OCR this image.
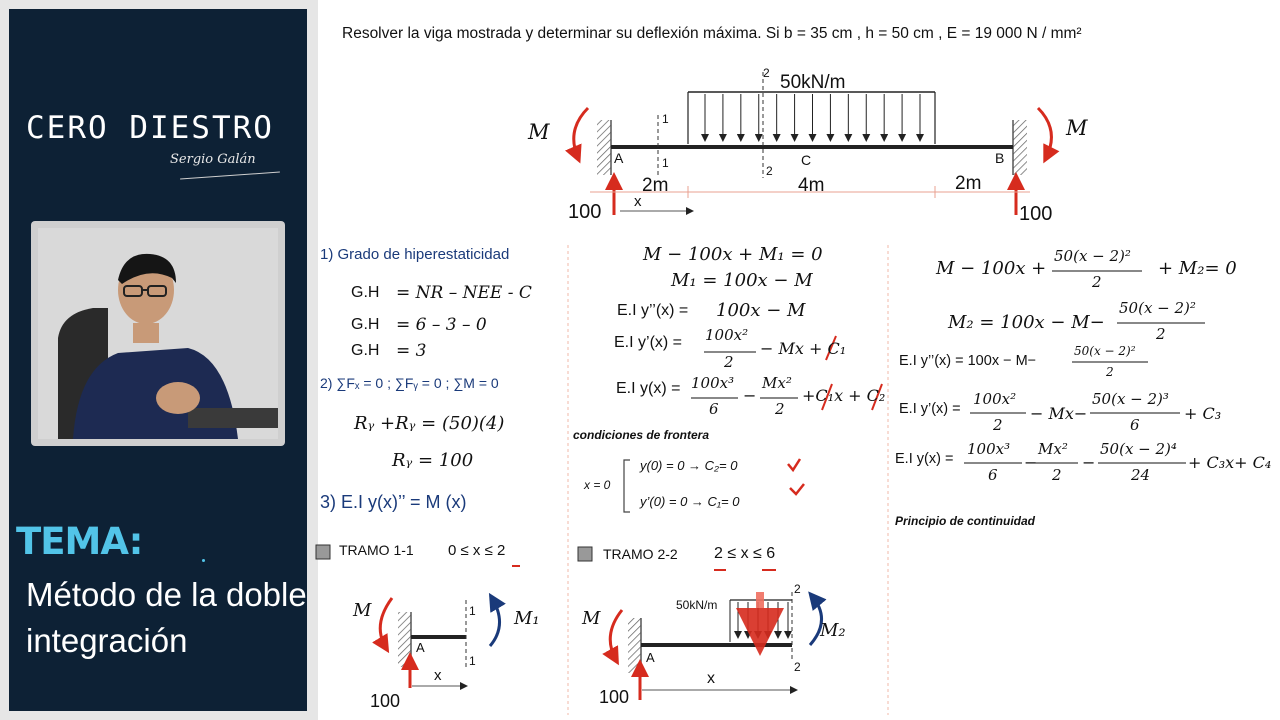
CERO DIESTRO
Sergio Galán
TEMA:
Método de la doble integración
Resolver la viga mostrada y determinar su deflexión máxima. Si b = 35 cm , h = 50 cm , E = 19 000 N / mm²
50kN/m
M	M
A	B
C
2m	4m	2m
100	100
x
1
1
2
2
1) Grado de hiperestaticidad
G.H = NR – NEE - C
G.H = 6 – 3 – 0
G.H = 3
2) ∑Fₓ = 0 ; ∑Fᵧ = 0 ; ∑M = 0
Rᵧ +Rᵧ = (50)(4)
Rᵧ = 100
3) E.I y(x)’’ = M (x)
TRAMO 1-1 0 ≤ x ≤ 2
M	M₁
A
100
x
1
1
M − 100x + M₁ = 0
M₁ = 100x − M
E.I y’’(x) = 100x − M
E.I y’(x) = 100x²
2
− Mx + C₁
E.I y(x) = 100x³
6
−
Mx²
2
+C₁x + C₂
condiciones de frontera
x = 0
y(0) = 0 → C₂= 0
y’(0) = 0 → C₁= 0
TRAMO 2-2 2 ≤ x ≤ 6
50kN/m
M
M₂
A
100
x
2
2
M − 100x +
50(x − 2)²
2
+ M₂= 0
M₂ = 100x − M−
50(x − 2)²
2
E.I y’’(x) = 100x − M−
50(x − 2)²
2
E.I y’(x) =
100x²
2
− Mx−
50(x − 2)³
6
+ C₃
E.I y(x) =
100x³
6
−
Mx²
2
−
50(x − 2)⁴
24
+ C₃x+ C₄
Principio de continuidad
